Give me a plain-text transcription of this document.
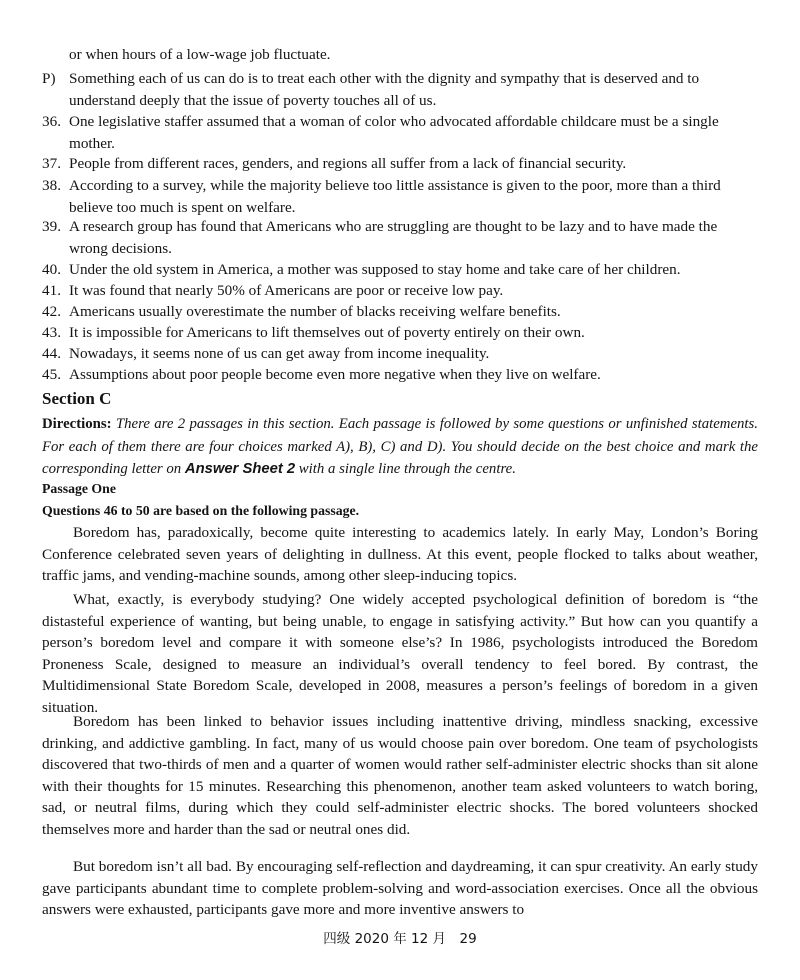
or when hours of a low-wage job fluctuate.
P) Something each of us can do is to treat each other with the dignity and sympathy that is deserved and to understand deeply that the issue of poverty touches all of us.
36. One legislative staffer assumed that a woman of color who advocated affordable childcare must be a single mother.
37. People from different races, genders, and regions all suffer from a lack of financial security.
38. According to a survey, while the majority believe too little assistance is given to the poor, more than a third believe too much is spent on welfare.
39. A research group has found that Americans who are struggling are thought to be lazy and to have made the wrong decisions.
40. Under the old system in America, a mother was supposed to stay home and take care of her children.
41. It was found that nearly 50% of Americans are poor or receive low pay.
42. Americans usually overestimate the number of blacks receiving welfare benefits.
43. It is impossible for Americans to lift themselves out of poverty entirely on their own.
44. Nowadays, it seems none of us can get away from income inequality.
45. Assumptions about poor people become even more negative when they live on welfare.
Section C
Directions: There are 2 passages in this section. Each passage is followed by some questions or unfinished statements. For each of them there are four choices marked A), B), C) and D). You should decide on the best choice and mark the corresponding letter on Answer Sheet 2 with a single line through the centre.
Passage One
Questions 46 to 50 are based on the following passage.
Boredom has, paradoxically, become quite interesting to academics lately. In early May, London’s Boring Conference celebrated seven years of delighting in dullness. At this event, people flocked to talks about weather, traffic jams, and vending-machine sounds, among other sleep-inducing topics.
What, exactly, is everybody studying? One widely accepted psychological definition of boredom is “the distasteful experience of wanting, but being unable, to engage in satisfying activity.” But how can you quantify a person’s boredom level and compare it with someone else’s? In 1986, psychologists introduced the Boredom Proneness Scale, designed to measure an individual’s overall tendency to feel bored. By contrast, the Multidimensional State Boredom Scale, developed in 2008, measures a person’s feelings of boredom in a given situation.
Boredom has been linked to behavior issues including inattentive driving, mindless snacking, excessive drinking, and addictive gambling. In fact, many of us would choose pain over boredom. One team of psychologists discovered that two-thirds of men and a quarter of women would rather self-administer electric shocks than sit alone with their thoughts for 15 minutes. Researching this phenomenon, another team asked volunteers to watch boring, sad, or neutral films, during which they could self-administer electric shocks. The bored volunteers shocked themselves more and harder than the sad or neutral ones did.
But boredom isn’t all bad. By encouraging self-reflection and daydreaming, it can spur creativity. An early study gave participants abundant time to complete problem-solving and word-association exercises. Once all the obvious answers were exhausted, participants gave more and more inventive answers to
四级 2020 年 12 月　29
